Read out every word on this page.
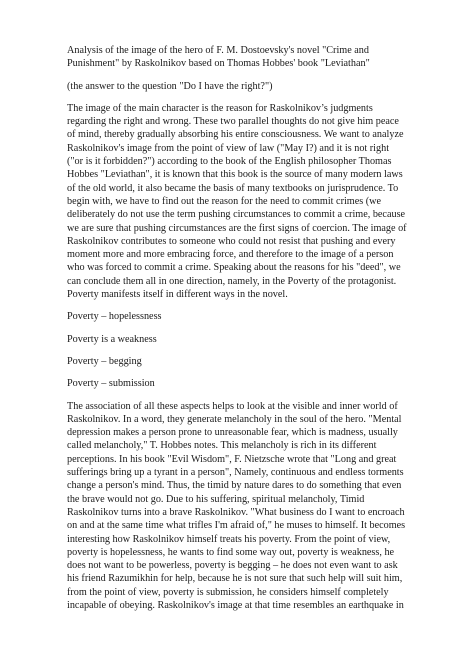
Analysis of the image of the hero of F. M. Dostoevsky's novel "Crime and
Punishment" by Raskolnikov based on Thomas Hobbes' book "Leviathan"

(the answer to the question "Do I have the right?")

The image of the main character is the reason for Raskolnikov’s judgments
regarding the right and wrong. These two parallel thoughts do not give him peace
of mind, thereby gradually absorbing his entire consciousness. We want to analyze
Raskolnikov's image from the point of view of law ("May I?) and it is not right
("or is it forbidden?") according to the book of the English philosopher Thomas
Hobbes "Leviathan", it is known that this book is the source of many modern laws
of the old world, it also became the basis of many textbooks on jurisprudence. To
begin with, we have to find out the reason for the need to commit crimes (we
deliberately do not use the term pushing circumstances to commit a crime, because
we are sure that pushing circumstances are the first signs of coercion. The image of
Raskolnikov contributes to someone who could not resist that pushing and every
moment more and more embracing force, and therefore to the image of a person
who was forced to commit a crime. Speaking about the reasons for his "deed", we
can conclude them all in one direction, namely, in the Poverty of the protagonist.
Poverty manifests itself in different ways in the novel.

Poverty – hopelessness

Poverty is a weakness

Poverty – begging

Poverty – submission

The association of all these aspects helps to look at the visible and inner world of
Raskolnikov. In a word, they generate melancholy in the soul of the hero. "Mental
depression makes a person prone to unreasonable fear, which is madness, usually
called melancholy," T. Hobbes notes. This melancholy is rich in its different
perceptions. In his book "Evil Wisdom", F. Nietzsche wrote that "Long and great
sufferings bring up a tyrant in a person", Namely, continuous and endless torments
change a person's mind. Thus, the timid by nature dares to do something that even
the brave would not go. Due to his suffering, spiritual melancholy, Timid
Raskolnikov turns into a brave Raskolnikov. "What business do I want to encroach
on and at the same time what trifles I'm afraid of," he muses to himself. It becomes
interesting how Raskolnikov himself treats his poverty. From the point of view,
poverty is hopelessness, he wants to find some way out, poverty is weakness, he
does not want to be powerless, poverty is begging – he does not even want to ask
his friend Razumikhin for help, because he is not sure that such help will suit him,
from the point of view, poverty is submission, he considers himself completely
incapable of obeying. Raskolnikov's image at that time resembles an earthquake in
